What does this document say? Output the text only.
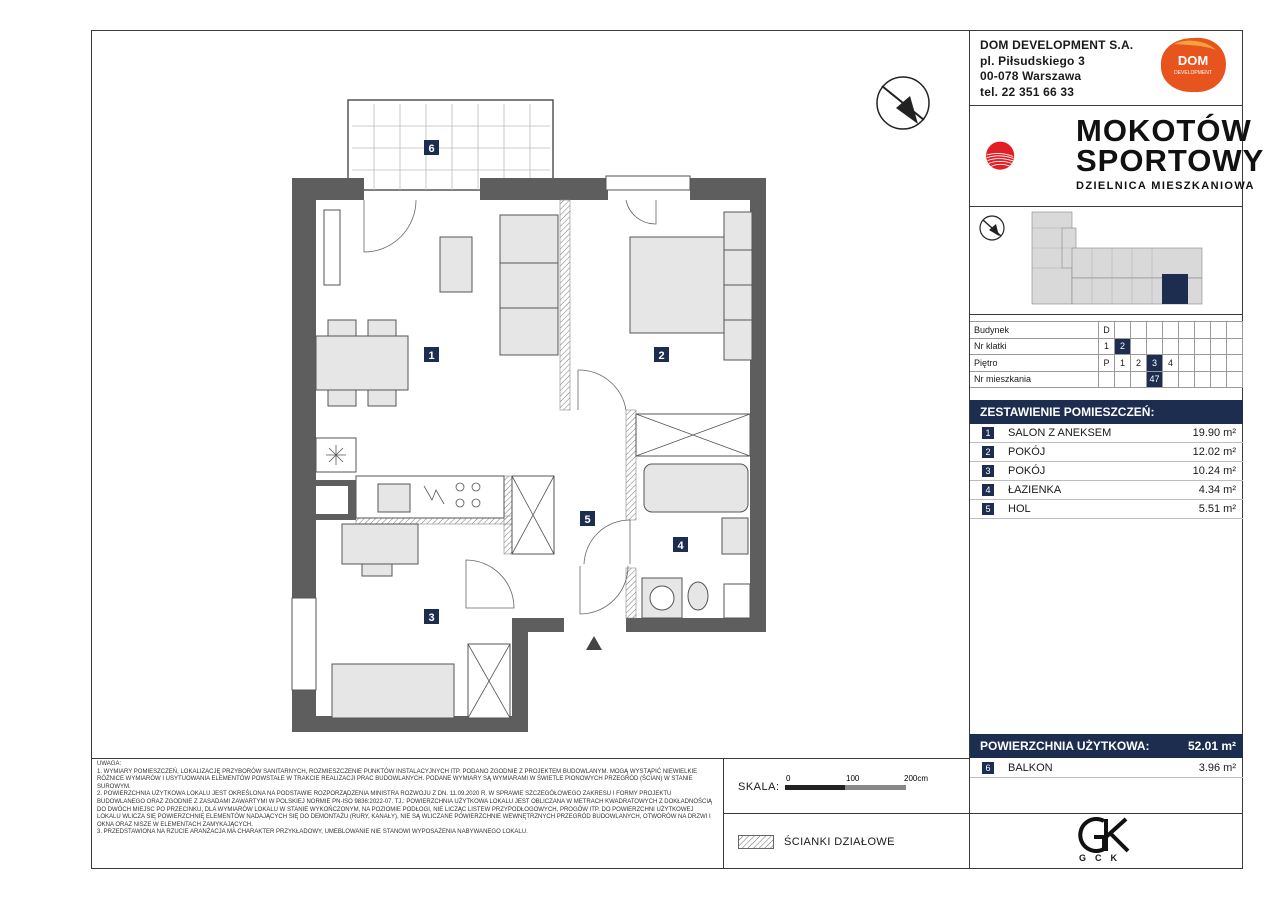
6
1	2
3
4
5
DOM DEVELOPMENT S.A.
pl. Piłsudskiego 3
00-078 Warszawa
tel. 22 351 66 33
DOM
DEVELOPMENT
MOKOTÓW
SPORTOWY
DZIELNICA MIESZKANIOWA
Budynek	D								
Nr klatki	1	2							
Piętro	P	1	2	3	4				
Nr mieszkania				47					
ZESTAWIENIE POMIESZCZEŃ:
1	SALON Z ANEKSEM	19.90 m²
2	POKÓJ	12.02 m²
3	POKÓJ	10.24 m²
4	ŁAZIENKA	4.34 m²
5	HOL	5.51 m²
POWIERZCHNIA UŻYTKOWA:	52.01 m²
6	BALKON	3.96 m²

UWAGA:

1. WYMIARY POMIESZCZEŃ, LOKALIZACJĘ PRZYBORÓW SANITARNYCH, ROZMIESZCZENIE PUNKTÓW INSTALACYJNYCH ITP. PODANO ZGODNIE Z PROJEKTEM BUDOWLANYM. MOGĄ WYSTĄPIĆ NIEWIELKIE RÓŻNICE WYMIARÓW I USYTUOWANIA ELEMENTÓW POWSTAŁE W TRAKCIE REALIZACJI PRAC BUDOWLANYCH. PODANE WYMIARY SĄ WYMIARAMI W ŚWIETLE PIONOWYCH PRZEGRÓD (ŚCIAN) W STANIE SUROWYM.

2. POWIERZCHNIA UŻYTKOWA LOKALU JEST OKREŚLONA NA PODSTAWIE ROZPORZĄDZENIA MINISTRA ROZWOJU Z DN. 11.09.2020 R. W SPRAWIE SZCZEGÓŁOWEGO ZAKRESU I FORMY PROJEKTU BUDOWLANEGO ORAZ ZGODNIE Z ZASADAMI ZAWARTYMI W POLSKIEJ NORMIE PN-ISO 9836:2022-07. TJ.: POWIERZCHNIA UŻYTKOWA LOKALU JEST OBLICZANA W METRACH KWADRATOWYCH Z DOKŁADNOŚCIĄ DO DWÓCH MIEJSC PO PRZECINKU, DLA WYMIARÓW LOKALU W STANIE WYKOŃCZONYM, NA POZIOMIE PODŁOGI, NIE LICZĄC LISTEW PRZYPODŁOGOWYCH, PROGÓW ITP. DO POWIERZCHNI UŻYTKOWEJ LOKALU WLICZA SIĘ POWIERZCHNIĘ ELEMENTÓW NADAJĄCYCH SIĘ DO DEMONTAŻU (RURY, KANAŁY), NIE SĄ WLICZANE POWIERZCHNIE WEWNĘTRZNYCH PRZEGRÓD BUDOWLANYCH, OTWORÓW NA DRZWI I OKNA ORAZ NISZE W ELEMENTACH ZAMYKAJĄCYCH.

3. PRZEDSTAWIONA NA RZUCIE ARANŻACJA MA CHARAKTER PRZYKŁADOWY, UMEBLOWANIE NIE STANOWI WYPOSAŻENIA NABYWANEGO LOKALU.

SKALA:
0	100	200cm
ŚCIANKI DZIAŁOWE
GCK
